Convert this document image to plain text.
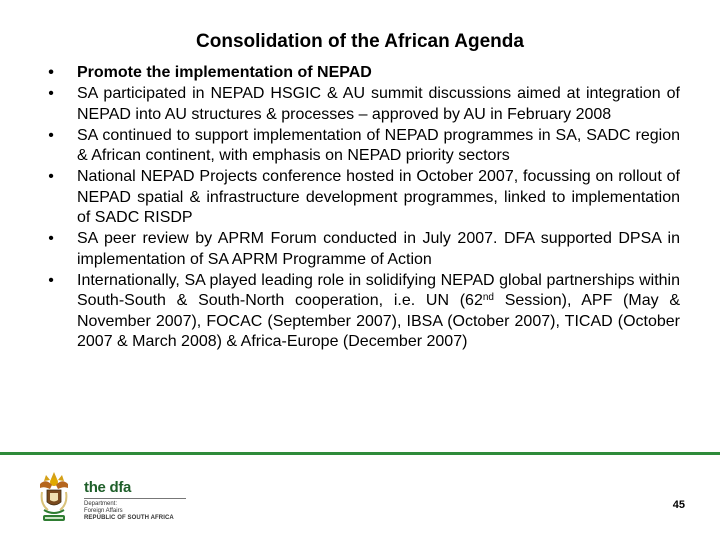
Consolidation of the African Agenda
• Promote the implementation of NEPAD
• SA participated in NEPAD HSGIC & AU summit discussions aimed at integration of NEPAD into AU structures & processes – approved by AU in February 2008
• SA continued to support implementation of NEPAD programmes in SA, SADC region & African continent, with emphasis on NEPAD priority sectors
• National NEPAD Projects conference hosted in October 2007, focussing on rollout of NEPAD spatial & infrastructure development programmes, linked to implementation of SADC RISDP
• SA peer review by APRM Forum conducted in July 2007. DFA supported DPSA in implementation of SA APRM Programme of Action
• Internationally, SA played leading role in solidifying NEPAD global partnerships within South-South & South-North cooperation, i.e. UN (62nd Session), APF (May & November 2007), FOCAC (September 2007), IBSA (October 2007), TICAD (October 2007 & March 2008) & Africa-Europe (December 2007)
the dfa
Department:
Foreign Affairs
REPUBLIC OF SOUTH AFRICA
45
